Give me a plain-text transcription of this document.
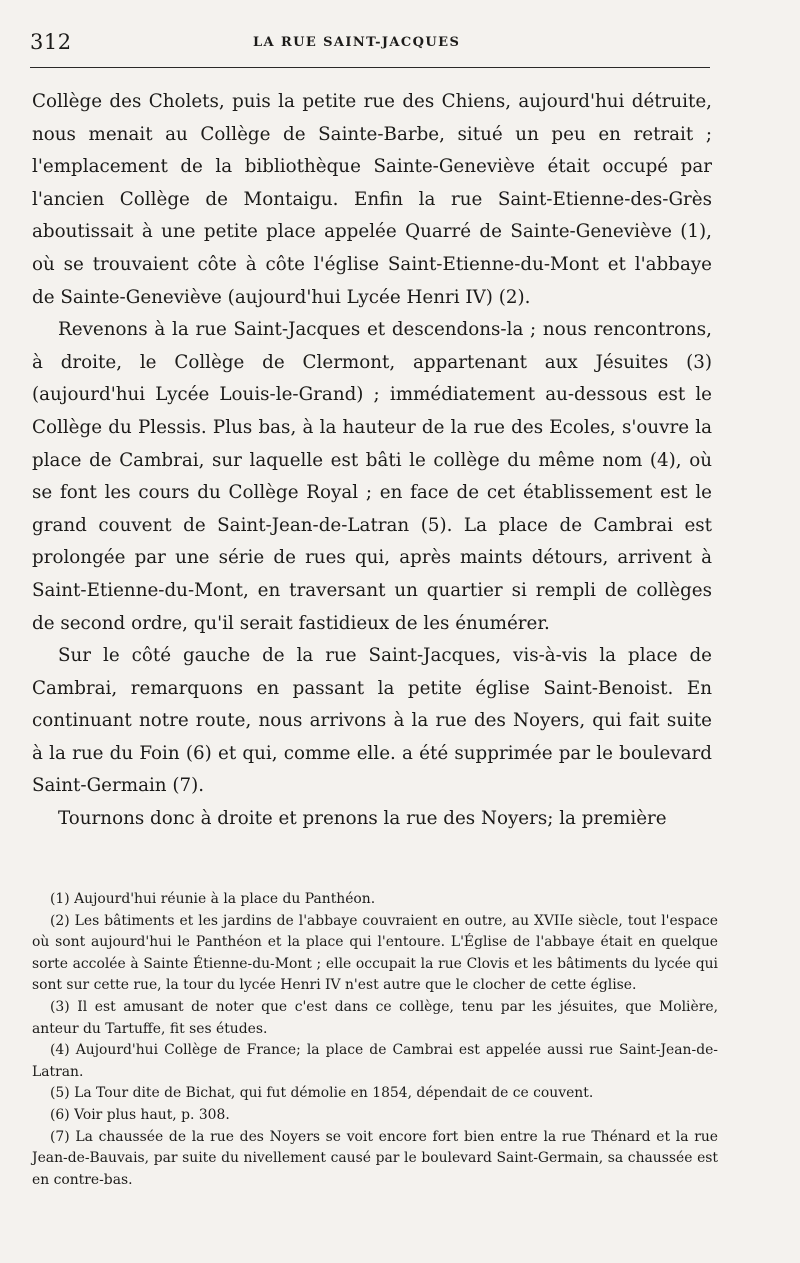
312	LA RUE SAINT-JACQUES

Collège des Cholets, puis la petite rue des Chiens, aujourd'hui détruite, nous menait au Collège de Sainte-Barbe, situé un peu en retrait ; l'emplacement de la bibliothèque Sainte-Geneviève était occupé par l'ancien Collège de Montaigu. Enfin la rue Saint-Etienne-des-Grès aboutissait à une petite place appelée Quarré de Sainte-Geneviève (1), où se trouvaient côte à côte l'église Saint-Etienne-du-Mont et l'abbaye de Sainte-Geneviève (aujourd'hui Lycée Henri IV) (2).

Revenons à la rue Saint-Jacques et descendons-la ; nous rencontrons, à droite, le Collège de Clermont, appartenant aux Jésuites (3) (aujourd'hui Lycée Louis-le-Grand) ; immédiatement au-dessous est le Collège du Plessis. Plus bas, à la hauteur de la rue des Ecoles, s'ouvre la place de Cambrai, sur laquelle est bâti le collège du même nom (4), où se font les cours du Collège Royal ; en face de cet établissement est le grand couvent de Saint-Jean-de-Latran (5). La place de Cambrai est prolongée par une série de rues qui, après maints détours, arrivent à Saint-Etienne-du-Mont, en traversant un quartier si rempli de collèges de second ordre, qu'il serait fastidieux de les énumérer.

Sur le côté gauche de la rue Saint-Jacques, vis-à-vis la place de Cambrai, remarquons en passant la petite église Saint-Benoist. En continuant notre route, nous arrivons à la rue des Noyers, qui fait suite à la rue du Foin (6) et qui, comme elle. a été supprimée par le boulevard Saint-Germain (7).

Tournons donc à droite et prenons la rue des Noyers; la première

(1) Aujourd'hui réunie à la place du Panthéon.

(2) Les bâtiments et les jardins de l'abbaye couvraient en outre, au XVIIe siècle, tout l'espace où sont aujourd'hui le Panthéon et la place qui l'entoure. L'Église de l'abbaye était en quelque sorte accolée à Sainte Étienne-du-Mont ; elle occupait la rue Clovis et les bâtiments du lycée qui sont sur cette rue, la tour du lycée Henri IV n'est autre que le clocher de cette église.

(3) Il est amusant de noter que c'est dans ce collège, tenu par les jésuites, que Molière, anteur du Tartuffe, fit ses études.

(4) Aujourd'hui Collège de France; la place de Cambrai est appelée aussi rue Saint-Jean-de-Latran.

(5) La Tour dite de Bichat, qui fut démolie en 1854, dépendait de ce couvent.

(6) Voir plus haut, p. 308.

(7) La chaussée de la rue des Noyers se voit encore fort bien entre la rue Thénard et la rue Jean-de-Bauvais, par suite du nivellement causé par le boulevard Saint-Germain, sa chaussée est en contre-bas.
